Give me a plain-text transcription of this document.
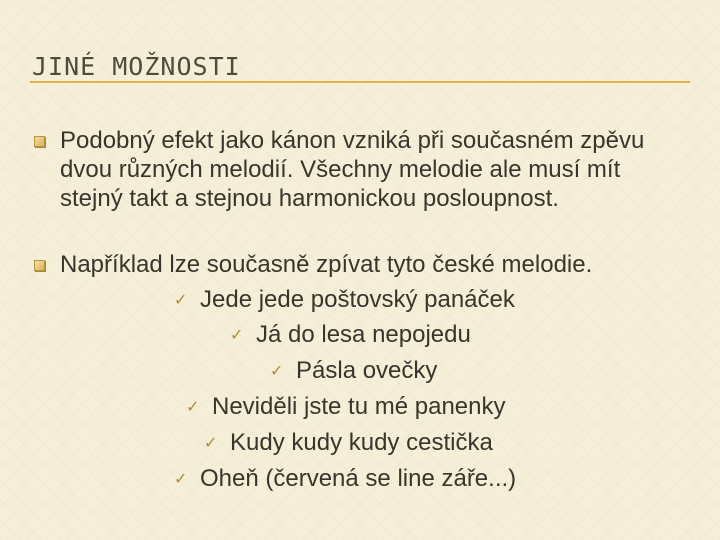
JINÉ MOŽNOSTI
Podobný efekt jako kánon vzniká při současném zpěvu dvou různých melodií. Všechny melodie ale musí mít stejný takt a stejnou harmonickou posloupnost.
Například lze současně zpívat tyto české melodie.
✓ Jede jede poštovský panáček
✓ Já do lesa nepojedu
✓ Pásla ovečky
✓ Neviděli jste tu mé panenky
✓ Kudy kudy kudy cestička
✓ Oheň (červená se line záře...)
